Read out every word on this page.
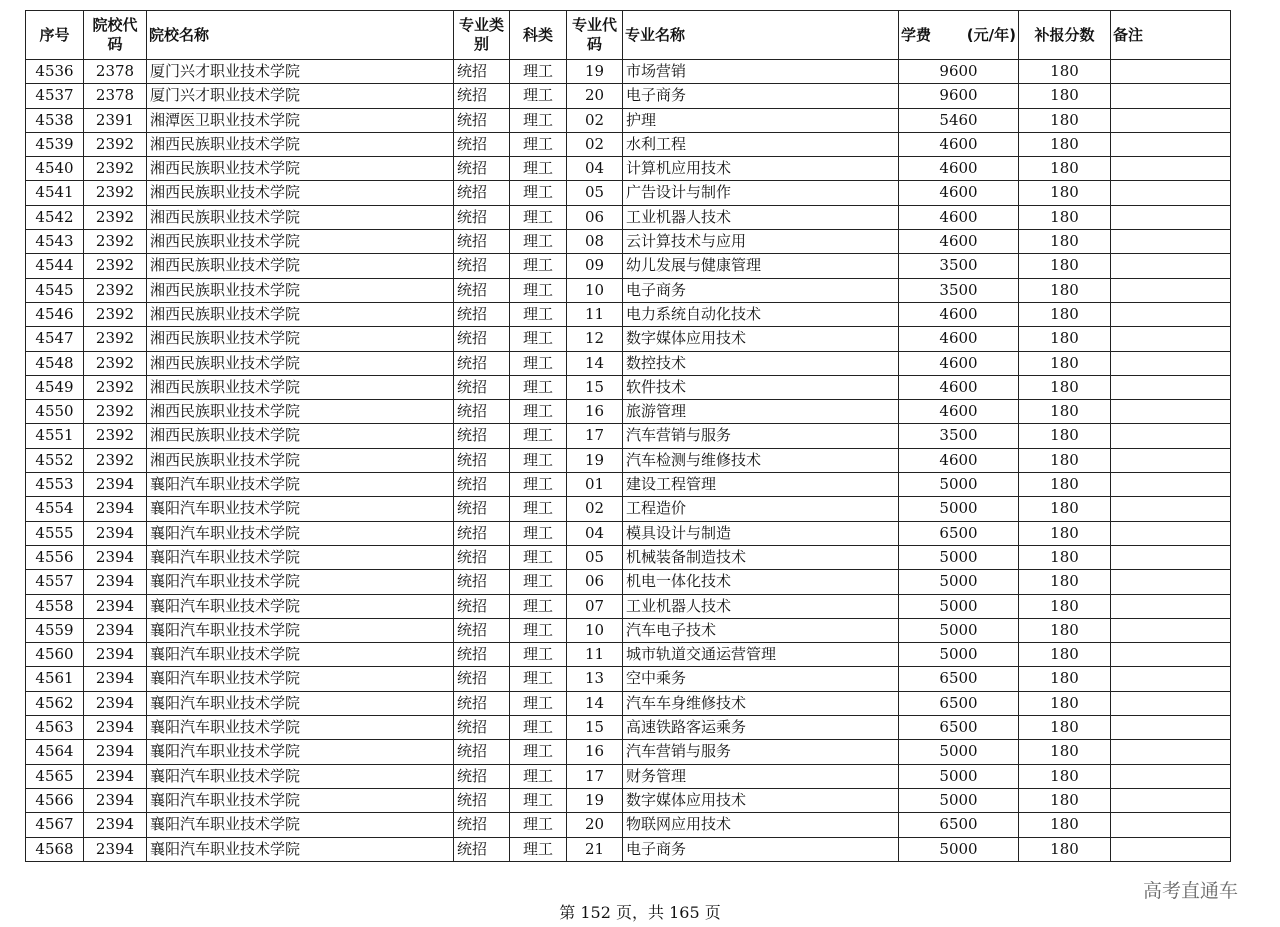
序号	院校代码	院校名称	专业类别	科类	专业代码	专业名称	学费 (元/年)	补报分数	备注
4536	2378	厦门兴才职业技术学院	统招	理工	19	市场营销	9600	180	
4537	2378	厦门兴才职业技术学院	统招	理工	20	电子商务	9600	180	
4538	2391	湘潭医卫职业技术学院	统招	理工	02	护理	5460	180	
4539	2392	湘西民族职业技术学院	统招	理工	02	水利工程	4600	180	
4540	2392	湘西民族职业技术学院	统招	理工	04	计算机应用技术	4600	180	
4541	2392	湘西民族职业技术学院	统招	理工	05	广告设计与制作	4600	180	
4542	2392	湘西民族职业技术学院	统招	理工	06	工业机器人技术	4600	180	
4543	2392	湘西民族职业技术学院	统招	理工	08	云计算技术与应用	4600	180	
4544	2392	湘西民族职业技术学院	统招	理工	09	幼儿发展与健康管理	3500	180	
4545	2392	湘西民族职业技术学院	统招	理工	10	电子商务	3500	180	
4546	2392	湘西民族职业技术学院	统招	理工	11	电力系统自动化技术	4600	180	
4547	2392	湘西民族职业技术学院	统招	理工	12	数字媒体应用技术	4600	180	
4548	2392	湘西民族职业技术学院	统招	理工	14	数控技术	4600	180	
4549	2392	湘西民族职业技术学院	统招	理工	15	软件技术	4600	180	
4550	2392	湘西民族职业技术学院	统招	理工	16	旅游管理	4600	180	
4551	2392	湘西民族职业技术学院	统招	理工	17	汽车营销与服务	3500	180	
4552	2392	湘西民族职业技术学院	统招	理工	19	汽车检测与维修技术	4600	180	
4553	2394	襄阳汽车职业技术学院	统招	理工	01	建设工程管理	5000	180	
4554	2394	襄阳汽车职业技术学院	统招	理工	02	工程造价	5000	180	
4555	2394	襄阳汽车职业技术学院	统招	理工	04	模具设计与制造	6500	180	
4556	2394	襄阳汽车职业技术学院	统招	理工	05	机械装备制造技术	5000	180	
4557	2394	襄阳汽车职业技术学院	统招	理工	06	机电一体化技术	5000	180	
4558	2394	襄阳汽车职业技术学院	统招	理工	07	工业机器人技术	5000	180	
4559	2394	襄阳汽车职业技术学院	统招	理工	10	汽车电子技术	5000	180	
4560	2394	襄阳汽车职业技术学院	统招	理工	11	城市轨道交通运营管理	5000	180	
4561	2394	襄阳汽车职业技术学院	统招	理工	13	空中乘务	6500	180	
4562	2394	襄阳汽车职业技术学院	统招	理工	14	汽车车身维修技术	6500	180	
4563	2394	襄阳汽车职业技术学院	统招	理工	15	高速铁路客运乘务	6500	180	
4564	2394	襄阳汽车职业技术学院	统招	理工	16	汽车营销与服务	5000	180	
4565	2394	襄阳汽车职业技术学院	统招	理工	17	财务管理	5000	180	
4566	2394	襄阳汽车职业技术学院	统招	理工	19	数字媒体应用技术	5000	180	
4567	2394	襄阳汽车职业技术学院	统招	理工	20	物联网应用技术	6500	180	
4568	2394	襄阳汽车职业技术学院	统招	理工	21	电子商务	5000	180	
高考直通车
第 152 页，共 165 页
